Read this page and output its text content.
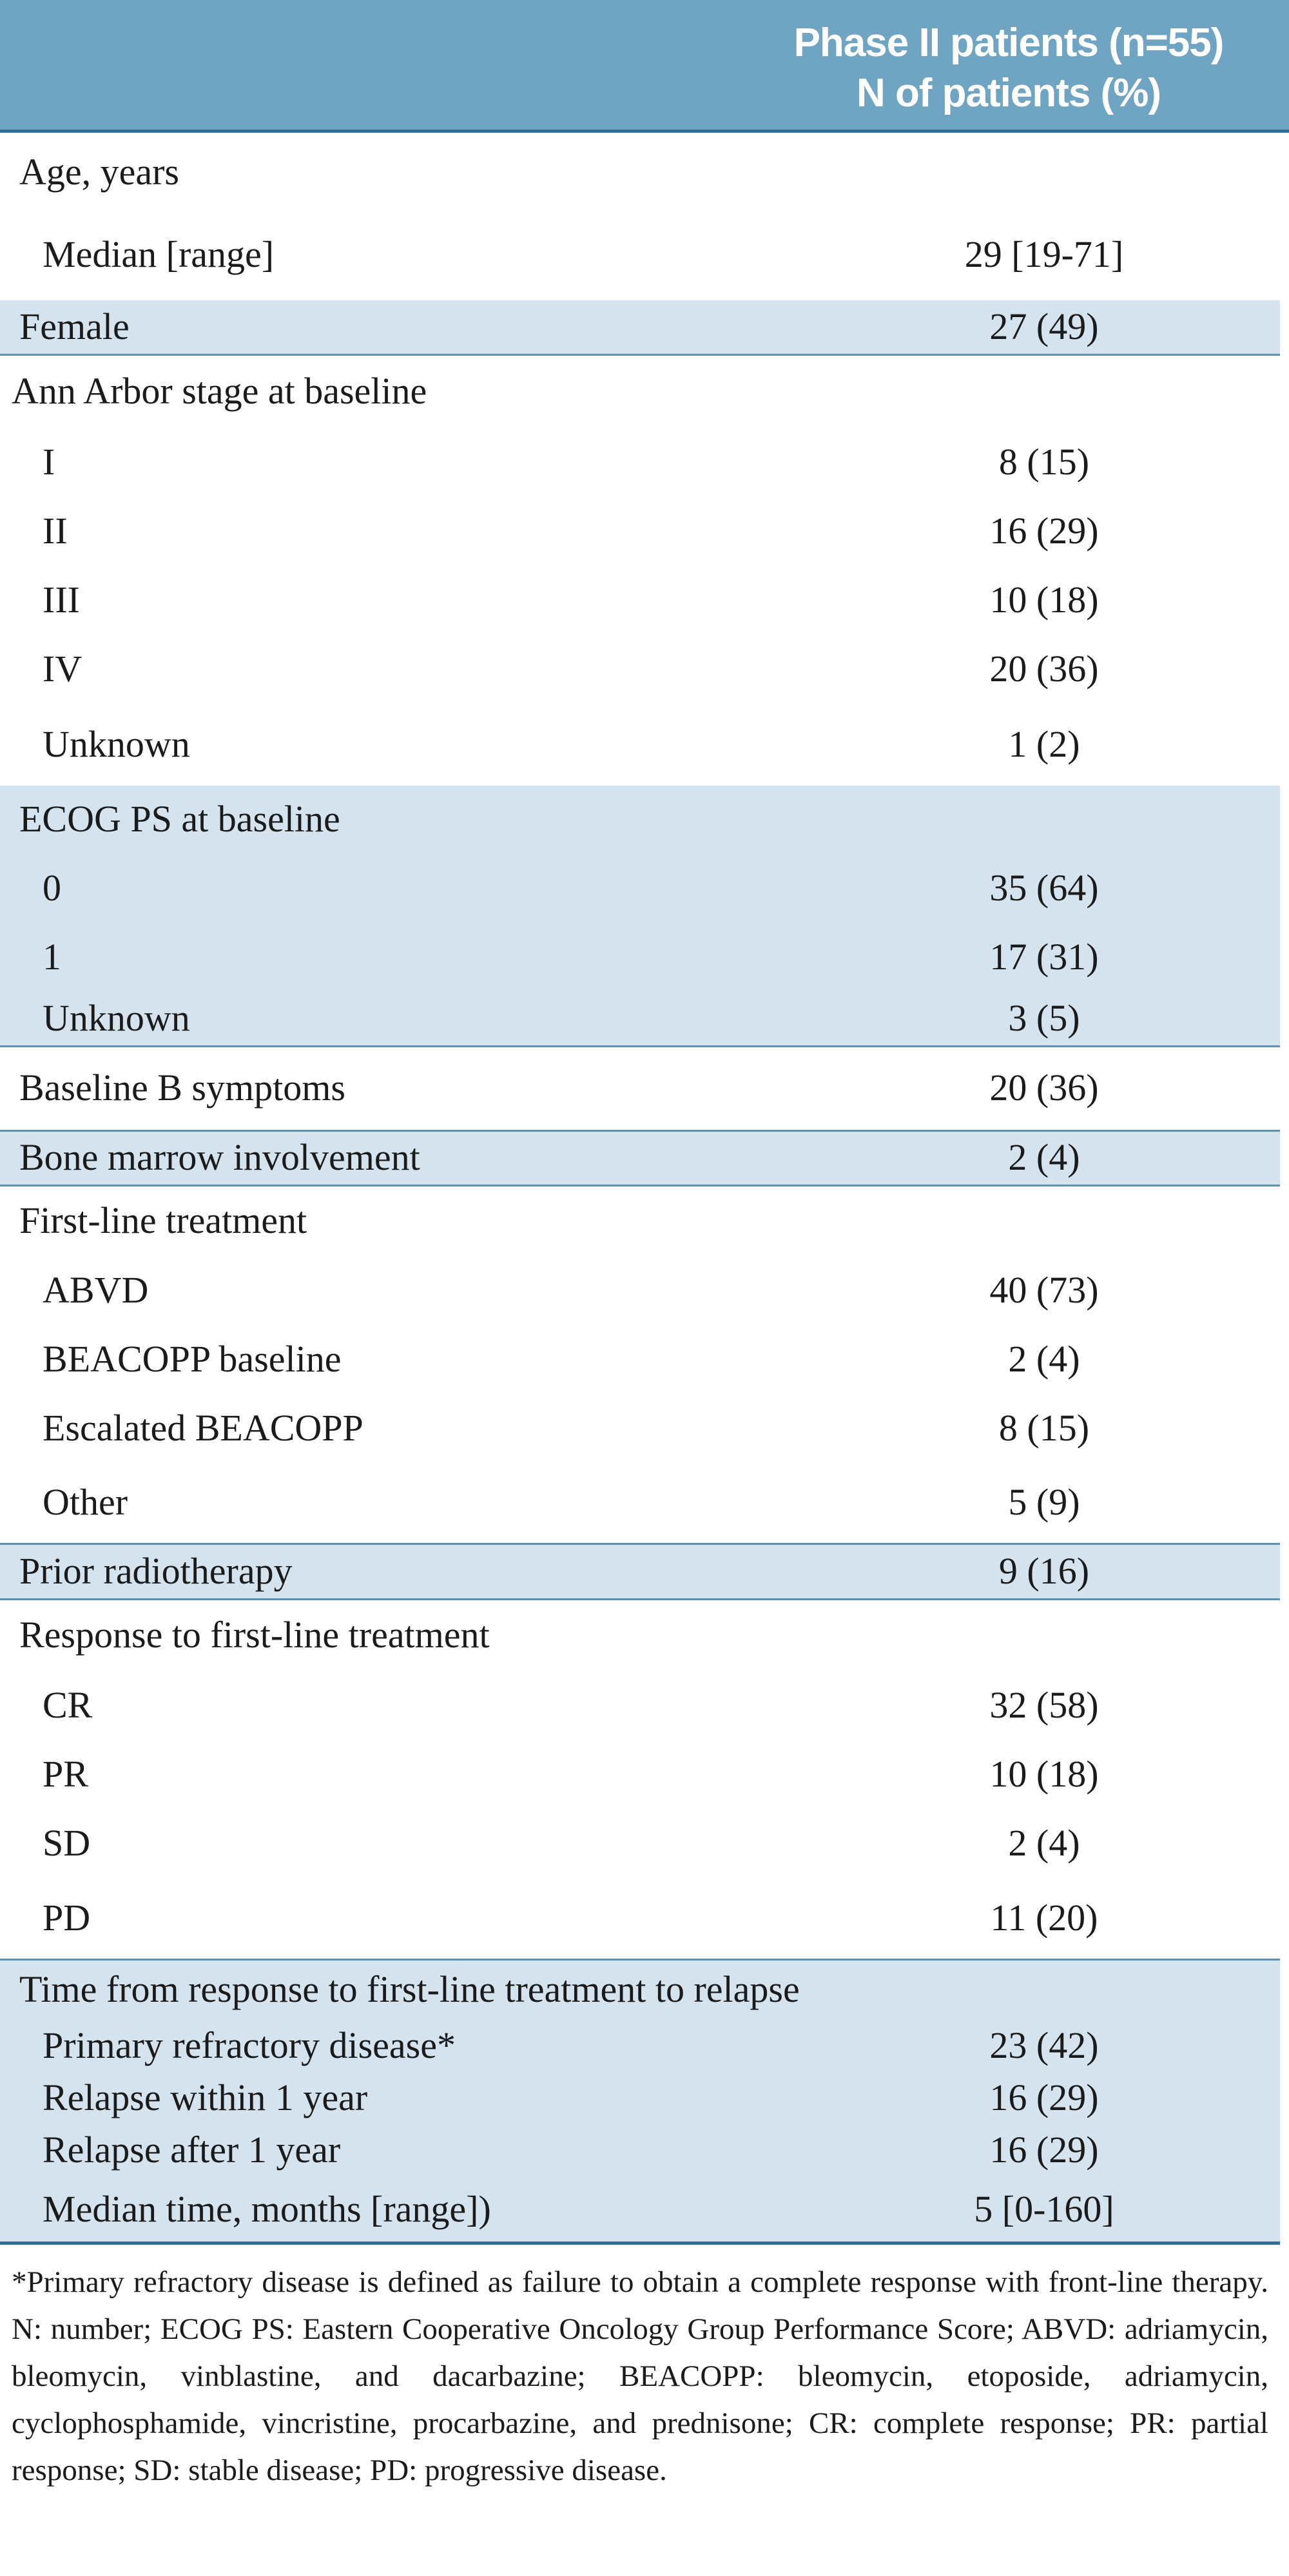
Phase II patients (n=55)
N of patients (%)
Age, years
Median [range]	29 [19-71]
Female	27 (49)
Ann Arbor stage at baseline
I	8 (15)
II	16 (29)
III	10 (18)
IV	20 (36)
Unknown	1 (2)
ECOG PS at baseline
0	35 (64)
1	17 (31)
Unknown	3 (5)
Baseline B symptoms	20 (36)
Bone marrow involvement	2 (4)
First-line treatment
ABVD	40 (73)
BEACOPP baseline	2 (4)
Escalated BEACOPP	8 (15)
Other	5 (9)
Prior radiotherapy	9 (16)
Response to first-line treatment
CR	32 (58)
PR	10 (18)
SD	2 (4)
PD	11 (20)
Time from response to first-line treatment to relapse
Primary refractory disease*	23 (42)
Relapse within 1 year	16 (29)
Relapse after 1 year	16 (29)
Median time, months [range])	5 [0-160]
*Primary refractory disease is defined as failure to obtain a complete response with front-line therapy. N: number; ECOG PS: Eastern Cooperative Oncology Group Performance Score; ABVD: adriamycin, bleomycin, vinblastine, and dacarbazine; BEACOPP: bleomycin, etoposide, adriamycin, cyclophosphamide, vincristine, procarbazine, and prednisone; CR: complete response; PR: partial response; SD: stable disease; PD: progressive disease.
